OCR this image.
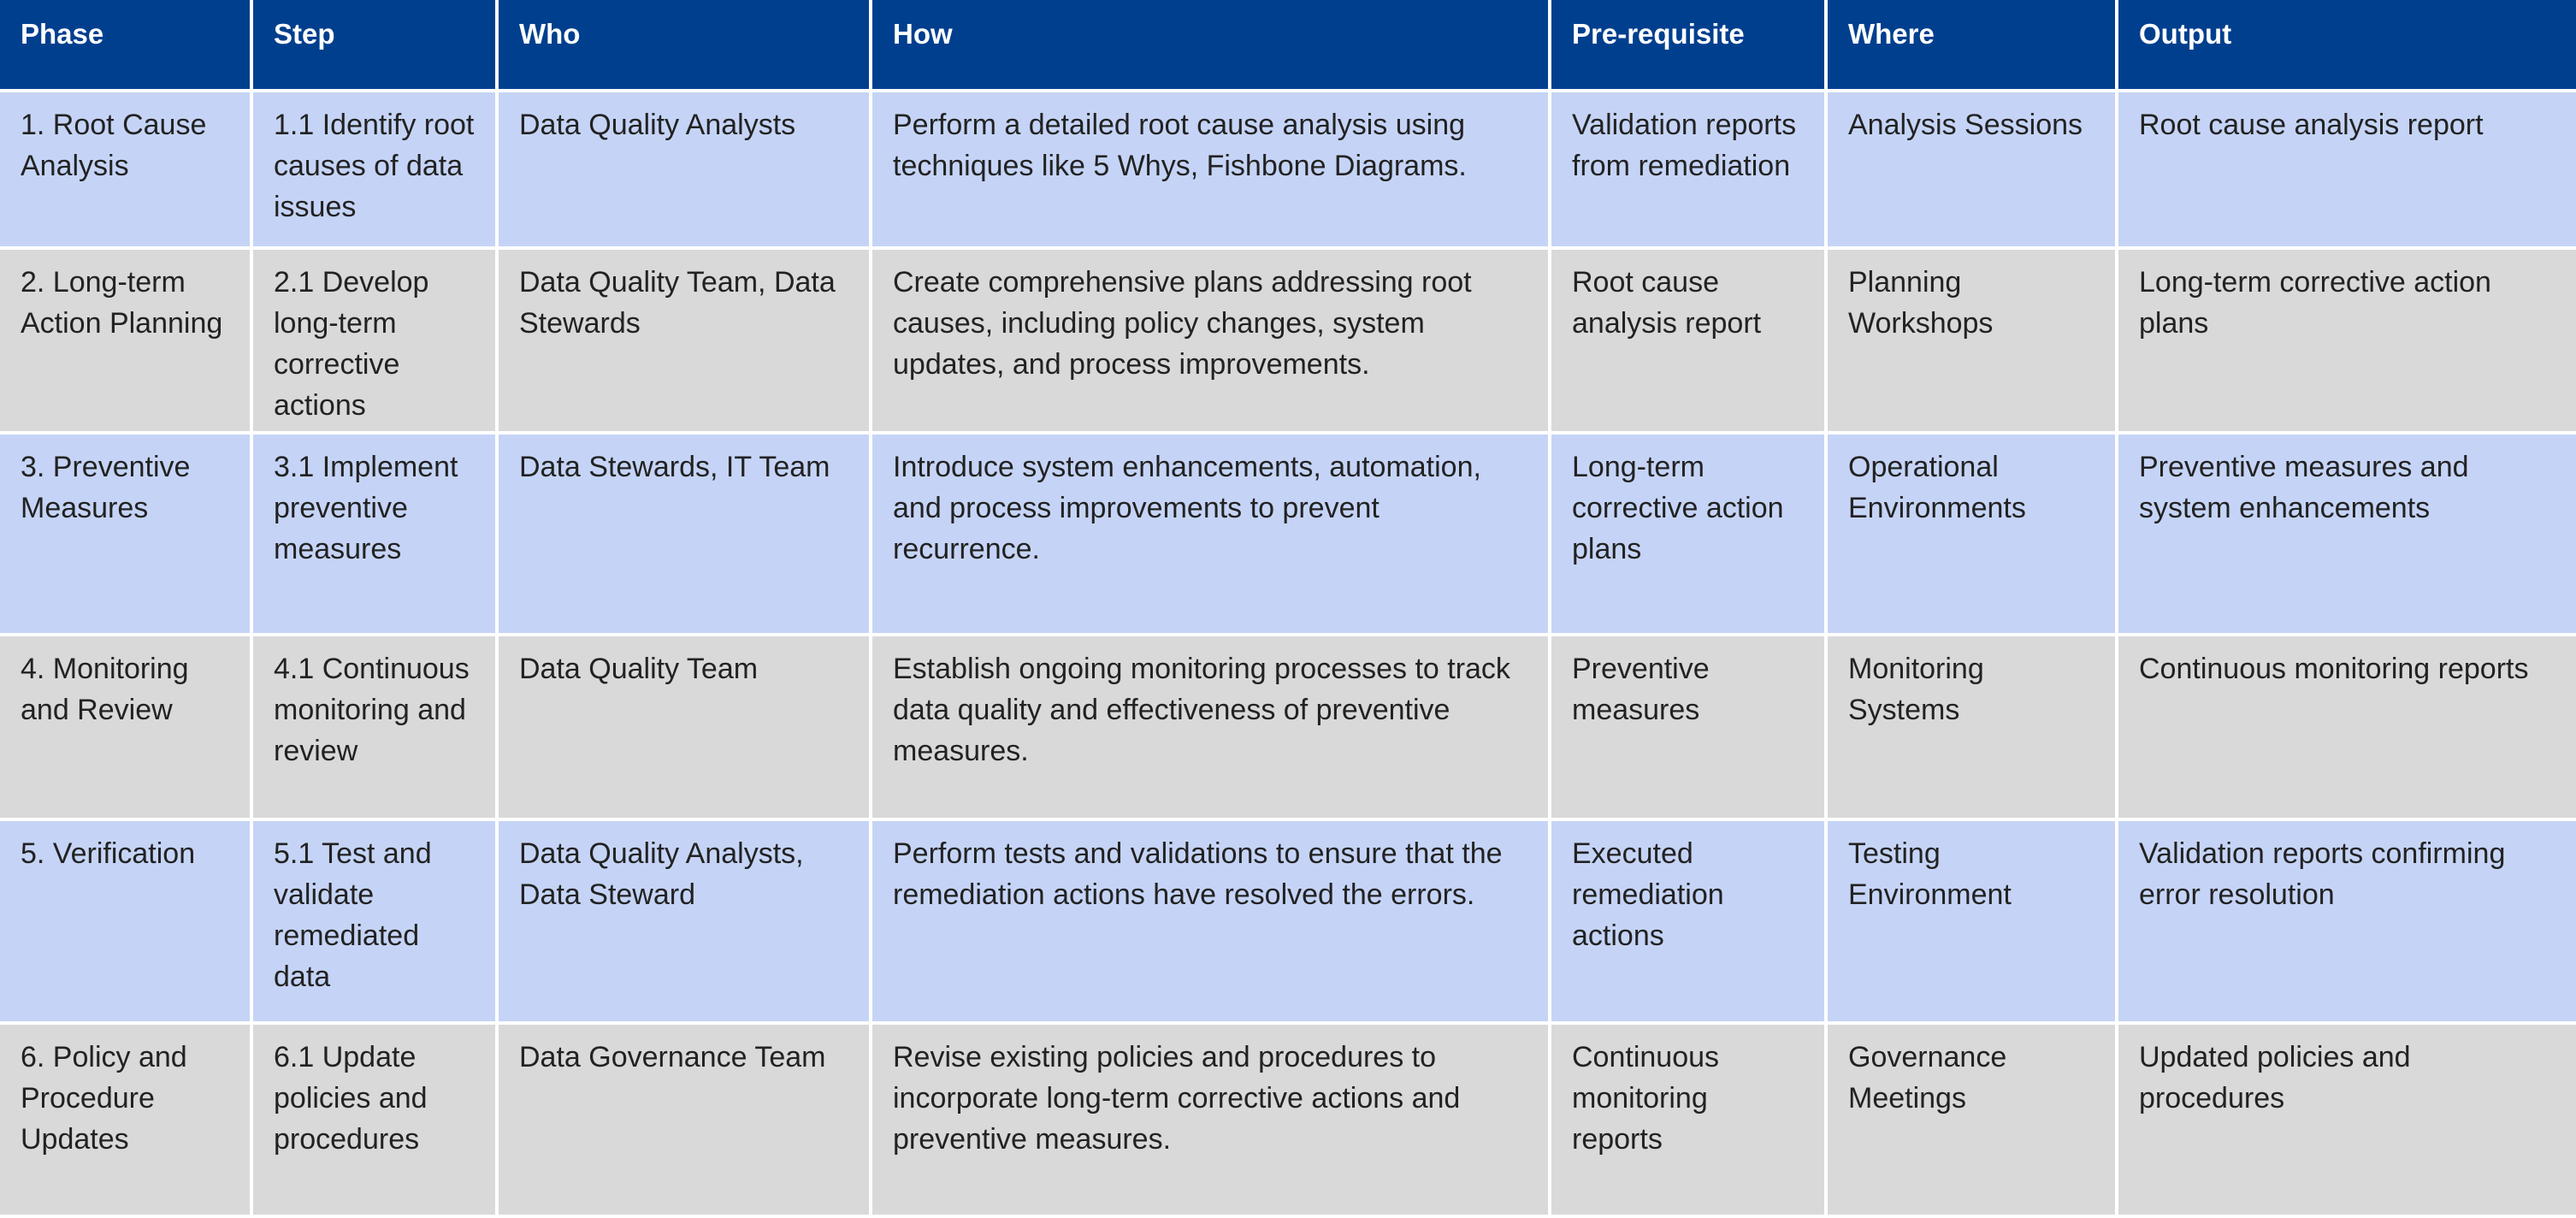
Phase	Step	Who	How	Pre-requisite	Where	Output
1. Root Cause Analysis	1.1 Identify root causes of data issues	Data Quality Analysts	Perform a detailed root cause analysis using techniques like 5 Whys, Fishbone Diagrams.	Validation reports from remediation	Analysis Sessions	Root cause analysis report
2. Long-term Action Planning	2.1 Develop long-term corrective actions	Data Quality Team, Data Stewards	Create comprehensive plans addressing root causes, including policy changes, system updates, and process improvements.	Root cause analysis report	Planning Workshops	Long-term corrective action plans
3. Preventive Measures	3.1 Implement preventive measures	Data Stewards, IT Team	Introduce system enhancements, automation, and process improvements to prevent recurrence.	Long-term corrective action plans	Operational Environments	Preventive measures and system enhancements
4. Monitoring and Review	4.1 Continuous monitoring and review	Data Quality Team	Establish ongoing monitoring processes to track data quality and effectiveness of preventive measures.	Preventive measures	Monitoring Systems	Continuous monitoring reports
5. Verification	5.1 Test and validate remediated data	Data Quality Analysts, Data Steward	Perform tests and validations to ensure that the remediation actions have resolved the errors.	Executed remediation actions	Testing Environment	Validation reports confirming error resolution
6. Policy and Procedure Updates	6.1 Update policies and procedures	Data Governance Team	Revise existing policies and procedures to incorporate long-term corrective actions and preventive measures.	Continuous monitoring reports	Governance Meetings	Updated policies and procedures
